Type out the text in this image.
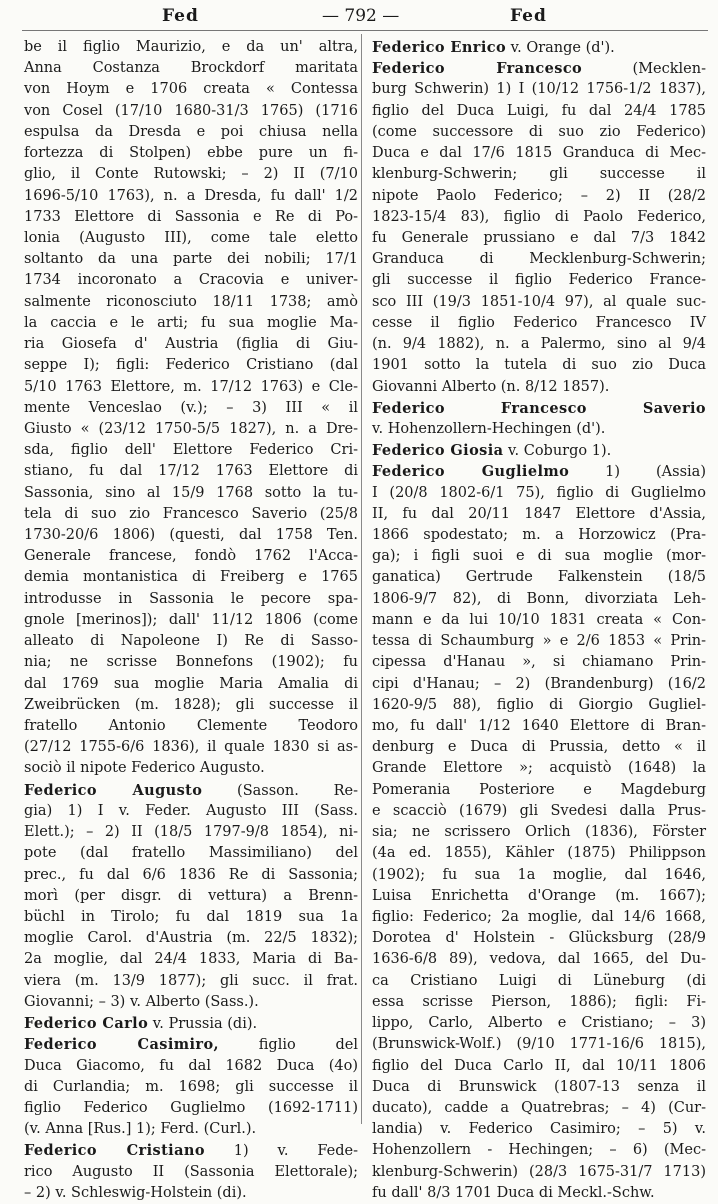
Fed	— 792 —	Fed
be il figlio Maurizio, e da un' altra,
Anna Costanza Brockdorf maritata
von Hoym e 1706 creata « Contessa
von Cosel (17/10 1680-31/3 1765) (1716
espulsa da Dresda e poi chiusa nella
fortezza di Stolpen) ebbe pure un fi-
glio, il Conte Rutowski; – 2) II (7/10
1696-5/10 1763), n. a Dresda, fu dall' 1/2
1733 Elettore di Sassonia e Re di Po-
lonia (Augusto III), come tale eletto
soltanto da una parte dei nobili; 17/1
1734 incoronato a Cracovia e univer-
salmente riconosciuto 18/11 1738; amò
la caccia e le arti; fu sua moglie Ma-
ria Giosefa d' Austria (figlia di Giu-
seppe I); figli: Federico Cristiano (dal
5/10 1763 Elettore, m. 17/12 1763) e Cle-
mente Venceslao (v.); – 3) III « il
Giusto « (23/12 1750-5/5 1827), n. a Dre-
sda, figlio dell' Elettore Federico Cri-
stiano, fu dal 17/12 1763 Elettore di
Sassonia, sino al 15/9 1768 sotto la tu-
tela di suo zio Francesco Saverio (25/8
1730-20/6 1806) (questi, dal 1758 Ten.
Generale francese, fondò 1762 l'Acca-
demia montanistica di Freiberg e 1765
introdusse in Sassonia le pecore spa-
gnole [merinos]); dall' 11/12 1806 (come
alleato di Napoleone I) Re di Sasso-
nia; ne scrisse Bonnefons (1902); fu
dal 1769 sua moglie Maria Amalia di
Zweibrücken (m. 1828); gli successe il
fratello Antonio Clemente Teodoro
(27/12 1755-6/6 1836), il quale 1830 si as-
sociò il nipote Federico Augusto.
Federico Augusto (Sasson. Re-
gia) 1) I v. Feder. Augusto III (Sass.
Elett.); – 2) II (18/5 1797-9/8 1854), ni-
pote (dal fratello Massimiliano) del
prec., fu dal 6/6 1836 Re di Sassonia;
morì (per disgr. di vettura) a Brenn-
büchl in Tirolo; fu dal 1819 sua 1a
moglie Carol. d'Austria (m. 22/5 1832);
2a moglie, dal 24/4 1833, Maria di Ba-
viera (m. 13/9 1877); gli succ. il frat.
Giovanni; – 3) v. Alberto (Sass.).
Federico Carlo v. Prussia (di).
Federico Casimiro, figlio del
Duca Giacomo, fu dal 1682 Duca (4o)
di Curlandia; m. 1698; gli successe il
figlio Federico Guglielmo (1692-1711)
(v. Anna [Rus.] 1); Ferd. (Curl.).
Federico Cristiano 1) v. Fede-
rico Augusto II (Sassonia Elettorale);
– 2) v. Schleswig-Holstein (di).
Federico Enrico v. Orange (d').
Federico Francesco (Mecklen-
burg Schwerin) 1) I (10/12 1756-1/2 1837),
figlio del Duca Luigi, fu dal 24/4 1785
(come successore di suo zio Federico)
Duca e dal 17/6 1815 Granduca di Mec-
klenburg-Schwerin; gli successe il
nipote Paolo Federico; – 2) II (28/2
1823-15/4 83), figlio di Paolo Federico,
fu Generale prussiano e dal 7/3 1842
Granduca di Mecklenburg-Schwerin;
gli successe il figlio Federico France-
sco III (19/3 1851-10/4 97), al quale suc-
cesse il figlio Federico Francesco IV
(n. 9/4 1882), n. a Palermo, sino al 9/4
1901 sotto la tutela di suo zio Duca
Giovanni Alberto (n. 8/12 1857).
Federico Francesco Saverio
v. Hohenzollern-Hechingen (d').
Federico Giosia v. Coburgo 1).
Federico Guglielmo 1) (Assia)
I (20/8 1802-6/1 75), figlio di Guglielmo
II, fu dal 20/11 1847 Elettore d'Assia,
1866 spodestato; m. a Horzowicz (Pra-
ga); i figli suoi e di sua moglie (mor-
ganatica) Gertrude Falkenstein (18/5
1806-9/7 82), di Bonn, divorziata Leh-
mann e da lui 10/10 1831 creata « Con-
tessa di Schaumburg » e 2/6 1853 « Prin-
cipessa d'Hanau », si chiamano Prin-
cipi d'Hanau; – 2) (Brandenburg) (16/2
1620-9/5 88), figlio di Giorgio Gugliel-
mo, fu dall' 1/12 1640 Elettore di Bran-
denburg e Duca di Prussia, detto « il
Grande Elettore »; acquistò (1648) la
Pomerania Posteriore e Magdeburg
e scacciò (1679) gli Svedesi dalla Prus-
sia; ne scrissero Orlich (1836), Förster
(4a ed. 1855), Kähler (1875) Philippson
(1902); fu sua 1a moglie, dal 1646,
Luisa Enrichetta d'Orange (m. 1667);
figlio: Federico; 2a moglie, dal 14/6 1668,
Dorotea d' Holstein - Glücksburg (28/9
1636-6/8 89), vedova, dal 1665, del Du-
ca Cristiano Luigi di Lüneburg (di
essa scrisse Pierson, 1886); figli: Fi-
lippo, Carlo, Alberto e Cristiano; – 3)
(Brunswick-Wolf.) (9/10 1771-16/6 1815),
figlio del Duca Carlo II, dal 10/11 1806
Duca di Brunswick (1807-13 senza il
ducato), cadde a Quatrebras; – 4) (Cur-
landia) v. Federico Casimiro; – 5) v.
Hohenzollern - Hechingen; – 6) (Mec-
klenburg-Schwerin) (28/3 1675-31/7 1713)
fu dall' 8/3 1701 Duca di Meckl.-Schw.
